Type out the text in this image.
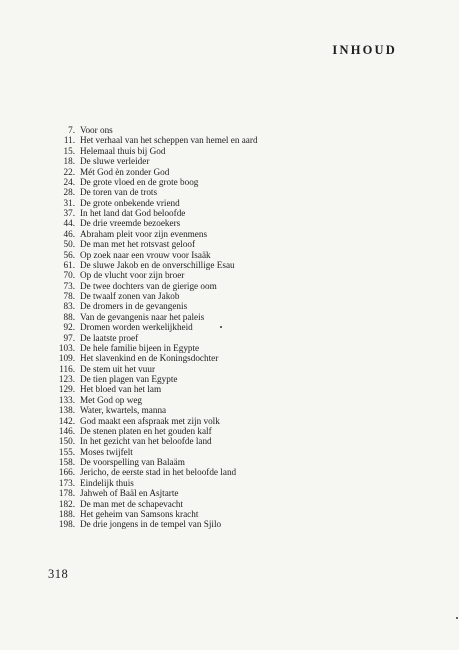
INHOUD
7. Voor ons
11. Het verhaal van het scheppen van hemel en aard
15. Helemaal thuis bij God
18. De sluwe verleider
22. Mét God èn zonder God
24. De grote vloed en de grote boog
28. De toren van de trots
31. De grote onbekende vriend
37. In het land dat God beloofde
44. De drie vreemde bezoekers
46. Abraham pleit voor zijn evenmens
50. De man met het rotsvast geloof
56. Op zoek naar een vrouw voor Isaäk
61. De sluwe Jakob en de onverschillige Esau
70. Op de vlucht voor zijn broer
73. De twee dochters van de gierige oom
78. De twaalf zonen van Jakob
83. De dromers in de gevangenis
88. Van de gevangenis naar het paleis
92. Dromen worden werkelijkheid
97. De laatste proef
103. De hele familie bijeen in Egypte
109. Het slavenkind en de Koningsdochter
116. De stem uit het vuur
123. De tien plagen van Egypte
129. Het bloed van het lam
133. Met God op weg
138. Water, kwartels, manna
142. God maakt een afspraak met zijn volk
146. De stenen platen en het gouden kalf
150. In het gezicht van het beloofde land
155. Moses twijfelt
158. De voorspelling van Balaäm
166. Jericho, de eerste stad in het beloofde land
173. Eindelijk thuis
178. Jahweh of Baäl en Asjtarte
182. De man met de schapevacht
188. Het geheim van Samsons kracht
198. De drie jongens in de tempel van Sjilo
318
